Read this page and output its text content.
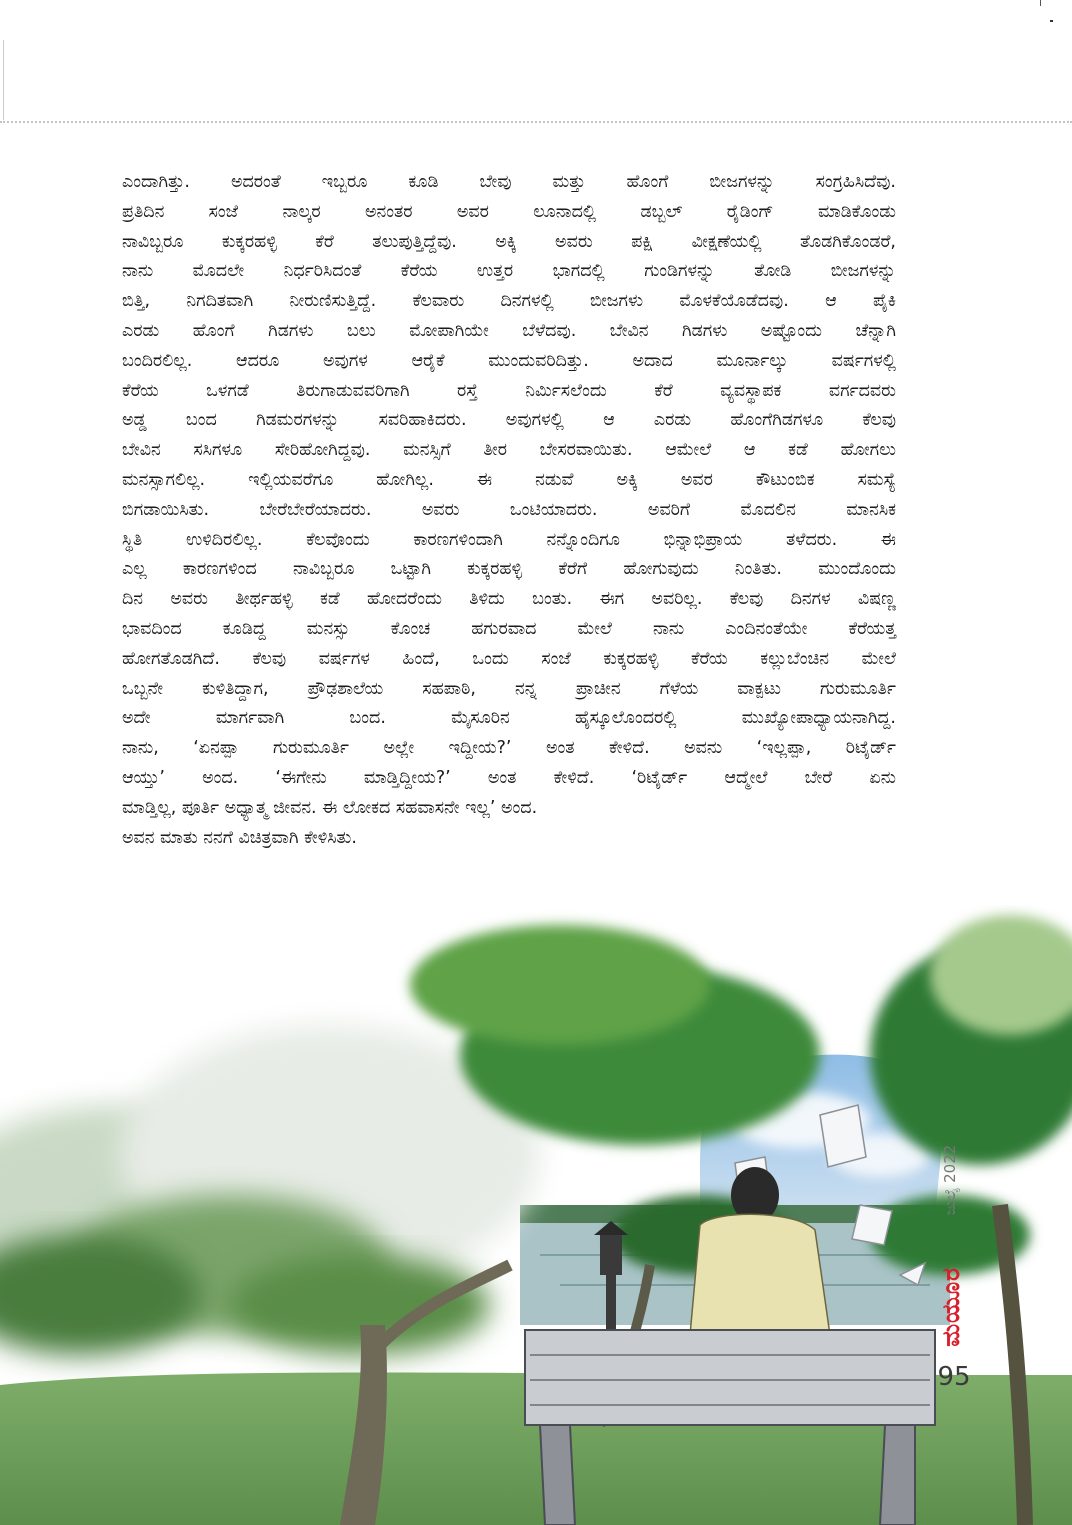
ಎಂದಾಗಿತ್ತು. ಅದರಂತೆ ಇಬ್ಬರೂ ಕೂಡಿ ಬೇವು ಮತ್ತು ಹೊಂಗೆ ಬೀಜಗಳನ್ನು ಸಂಗ್ರಹಿಸಿದೆವು.
ಪ್ರತಿದಿನ ಸಂಜೆ ನಾಲ್ಕರ ಅನಂತರ ಅವರ ಲೂನಾದಲ್ಲಿ ಡಬ್ಬಲ್ ರೈಡಿಂಗ್ ಮಾಡಿಕೊಂಡು
ನಾವಿಬ್ಬರೂ ಕುಕ್ಕರಹಳ್ಳಿ ಕೆರೆ ತಲುಪುತ್ತಿದ್ದೆವು. ಅಕ್ಕಿ ಅವರು ಪಕ್ಷಿ ವೀಕ್ಷಣೆಯಲ್ಲಿ ತೊಡಗಿಕೊಂಡರೆ,
ನಾನು ಮೊದಲೇ ನಿರ್ಧರಿಸಿದಂತೆ ಕೆರೆಯ ಉತ್ತರ ಭಾಗದಲ್ಲಿ ಗುಂಡಿಗಳನ್ನು ತೋಡಿ ಬೀಜಗಳನ್ನು
ಬಿತ್ತಿ, ನಿಗದಿತವಾಗಿ ನೀರುಣಿಸುತ್ತಿದ್ದೆ. ಕೆಲವಾರು ದಿನಗಳಲ್ಲಿ ಬೀಜಗಳು ಮೊಳಕೆಯೊಡೆದವು. ಆ ಪೈಕಿ
ಎರಡು ಹೊಂಗೆ ಗಿಡಗಳು ಬಲು ಮೋಪಾಗಿಯೇ ಬೆಳೆದವು. ಬೇವಿನ ಗಿಡಗಳು ಅಷ್ಟೊಂದು ಚೆನ್ನಾಗಿ
ಬಂದಿರಲಿಲ್ಲ. ಆದರೂ ಅವುಗಳ ಆರೈಕೆ ಮುಂದುವರಿದಿತ್ತು. ಅದಾದ ಮೂರ್ನಾಲ್ಕು ವರ್ಷಗಳಲ್ಲಿ
ಕೆರೆಯ ಒಳಗಡೆ ತಿರುಗಾಡುವವರಿಗಾಗಿ ರಸ್ತೆ ನಿರ್ಮಿಸಲೆಂದು ಕೆರೆ ವ್ಯವಸ್ಥಾಪಕ ವರ್ಗದವರು
ಅಡ್ಡ ಬಂದ ಗಿಡಮರಗಳನ್ನು ಸವರಿಹಾಕಿದರು. ಅವುಗಳಲ್ಲಿ ಆ ಎರಡು ಹೊಂಗೆಗಿಡಗಳೂ ಕೆಲವು
ಬೇವಿನ ಸಸಿಗಳೂ ಸೇರಿಹೋಗಿದ್ದವು. ಮನಸ್ಸಿಗೆ ತೀರ ಬೇಸರವಾಯಿತು. ಆಮೇಲೆ ಆ ಕಡೆ ಹೋಗಲು
ಮನಸ್ಸಾಗಲಿಲ್ಲ. ಇಲ್ಲಿಯವರೆಗೂ ಹೋಗಿಲ್ಲ. ಈ ನಡುವೆ ಅಕ್ಕಿ ಅವರ ಕೌಟುಂಬಿಕ ಸಮಸ್ಯೆ
ಬಿಗಡಾಯಿಸಿತು. ಬೇರೆಬೇರೆಯಾದರು. ಅವರು ಒಂಟಿಯಾದರು. ಅವರಿಗೆ ಮೊದಲಿನ ಮಾನಸಿಕ
ಸ್ಥಿತಿ ಉಳಿದಿರಲಿಲ್ಲ. ಕೆಲವೊಂದು ಕಾರಣಗಳಿಂದಾಗಿ ನನ್ನೊಂದಿಗೂ ಭಿನ್ನಾಭಿಪ್ರಾಯ ತಳೆದರು. ಈ
ಎಲ್ಲ ಕಾರಣಗಳಿಂದ ನಾವಿಬ್ಬರೂ ಒಟ್ಟಾಗಿ ಕುಕ್ಕರಹಳ್ಳಿ ಕೆರೆಗೆ ಹೋಗುವುದು ನಿಂತಿತು. ಮುಂದೊಂದು
ದಿನ ಅವರು ತೀರ್ಥಹಳ್ಳಿ ಕಡೆ ಹೋದರೆಂದು ತಿಳಿದು ಬಂತು. ಈಗ ಅವರಿಲ್ಲ. ಕೆಲವು ದಿನಗಳ ವಿಷಣ್ಣ
ಭಾವದಿಂದ ಕೂಡಿದ್ದ ಮನಸ್ಸು ಕೊಂಚ ಹಗುರವಾದ ಮೇಲೆ ನಾನು ಎಂದಿನಂತೆಯೇ ಕೆರೆಯತ್ತ
ಹೋಗತೊಡಗಿದೆ. ಕೆಲವು ವರ್ಷಗಳ ಹಿಂದೆ, ಒಂದು ಸಂಜೆ ಕುಕ್ಕರಹಳ್ಳಿ ಕೆರೆಯ ಕಲ್ಲುಬೆಂಚಿನ ಮೇಲೆ
ಒಬ್ಬನೇ ಕುಳಿತಿದ್ದಾಗ, ಪ್ರೌಢಶಾಲೆಯ ಸಹಪಾಠಿ, ನನ್ನ ಪ್ರಾಚೀನ ಗೆಳೆಯ ವಾಕ್ಪಟು ಗುರುಮೂರ್ತಿ
ಅದೇ ಮಾರ್ಗವಾಗಿ ಬಂದ. ಮೈಸೂರಿನ ಹೈಸ್ಕೂಲೊಂದರಲ್ಲಿ ಮುಖ್ಯೋಪಾಧ್ಯಾಯನಾಗಿದ್ದ.
ನಾನು, ‘ಏನಪ್ಪಾ ಗುರುಮೂರ್ತಿ ಅಲ್ಲೇ ಇದ್ದೀಯ?’ ಅಂತ ಕೇಳಿದೆ. ಅವನು ‘ಇಲ್ಲಪ್ಪಾ, ರಿಟೈರ್ಡ್
ಆಯ್ತು’ ಅಂದ. ‘ಈಗೇನು ಮಾಡ್ತಿದ್ದೀಯ?’ ಅಂತ ಕೇಳಿದೆ. ‘ರಿಟೈರ್ಡ್ ಆದ್ಮೇಲೆ ಬೇರೆ ಏನು
ಮಾಡ್ತಿಲ್ಲ, ಪೂರ್ತಿ ಅಧ್ಯಾತ್ಮ ಜೀವನ. ಈ ಲೋಕದ ಸಹವಾಸನೇ ಇಲ್ಲ’ ಅಂದ.
ಅವನ ಮಾತು ನನಗೆ ವಿಚಿತ್ರವಾಗಿ ಕೇಳಿಸಿತು.
ಜುಲೈ 2022
ಮಯೂರ
95
